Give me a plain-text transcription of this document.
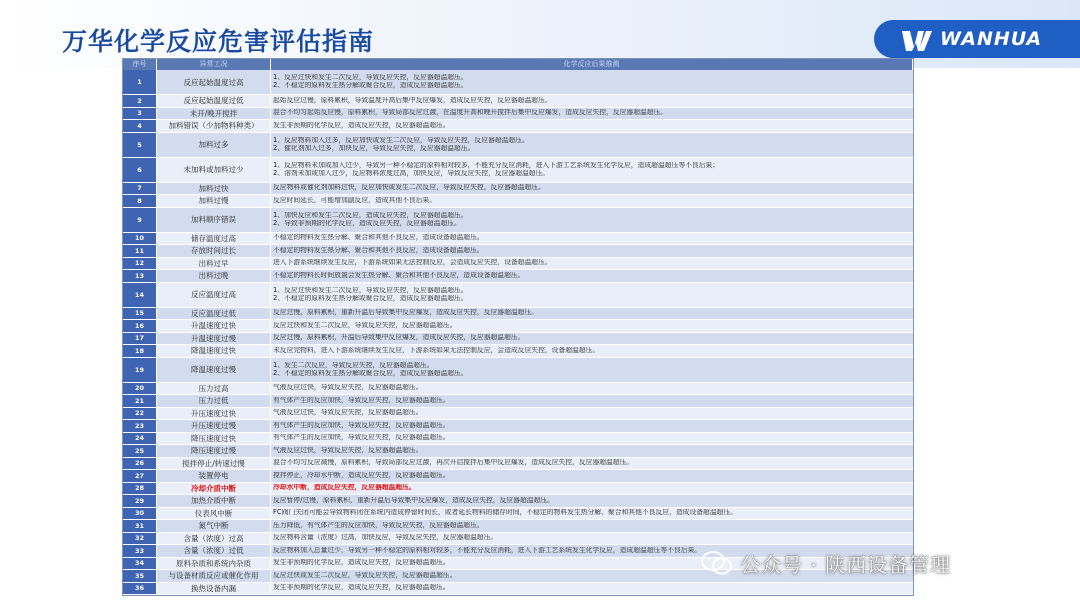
万华化学反应危害评估指南	WANHUA
序号	异常工况	化学反应后果推测
1	反应起始温度过高
1、反应过快和发生二次反应，导致反应失控，反应器超温超压。
2、不稳定的原料发生热分解或聚合反应，造成反应器超温超压。
2	反应起始温度过低	起始反应过慢，原料累积，导致温度升高后集中反应爆发，造成反应失控，反应器超温超压。
3	未开/晚开搅拌	混合不均匀起始反应慢，原料累积，导致局部反应过激，在温度升高和晚开搅拌后集中反应爆发，造成反应失控，反应器超温超压。
4	加料错误（少加物料种类）	发生非预期的化学反应，造成反应失控，反应器超温超压。
5	加料过多
1、反应物料加入过多，反应加快或发生二次反应，导致反应失控，反应器超温超压。
2、催化剂加入过多，加快反应，导致反应失控，反应器超温超压。
6	未加料或加料过少
1、反应物料未加或加入过少，导致另一种不稳定的原料相对较多，不能充分反应消耗，进入下游工艺系统发生化学反应，造成超温超压等不良后果；
2、溶剂未加或加入过少，反应物料浓度过高，加快反应，导致反应失控，反应器超温超压。
7	加料过快	反应物料或催化剂加料过快，反应加快或发生二次反应，导致反应失控，反应器超温超压。
8	加料过慢	反应时间延长，可能增加副反应，造成其他不良后果。
9	加料顺序错误
1、加快反应和发生二次反应，造成反应失控，反应器超温超压。
2、导致非预期的化学反应，造成反应失控，反应器超温超压。
10	储存温度过高	不稳定的物料发生热分解、聚合和其他不良反应，造成设备超温超压。
11	存放时间过长	不稳定的物料发生热分解、聚合和其他不良反应，造成设备超温超压。
12	出料过早	进入下游系统继续发生反应，下游系统如果无法控制反应，会造成反应失控，设备超温超压。
13	出料过晚	不稳定的物料长时间放置会发生热分解、聚合和其他不良反应，造成设备超温超压。
14	反应温度过高
1、反应过快和发生二次反应，导致反应失控，反应器超温超压。
2、不稳定的原料发生热分解或聚合反应，造成反应器超温超压。
15	反应温度过低	反应过慢，原料累积，重新升温后导致集中反应爆发，造成反应失控，反应器超温超压。
16	升温速度过快	反应过快和发生二次反应，导致反应失控，反应器超温超压。
17	升温速度过慢	反应过慢，原料累积，升温后导致集中反应爆发，造成反应失控，反应器超温超压。
18	降温速度过快	未反应完物料，进入下游系统继续发生反应，下游系统如果无法控制反应，会造成反应失控，设备超温超压。
19	降温速度过慢
1、发生二次反应，导致反应失控，反应器超温超压。
2、不稳定的原料发生热分解或聚合反应，造成反应器超温超压。
20	压力过高	气液反应过快，导致反应失控，反应器超温超压。
21	压力过低	有气体产生的反应加快，导致反应失控，反应器超温超压。
22	升压速度过快	气液反应过快，导致反应失控，反应器超温超压。
23	升压速度过慢	有气体产生的反应加快，导致反应失控，反应器超温超压。
24	降压速度过快	有气体产生的反应加快，导致反应失控，反应器超温超压。
25	降压速度过慢	气液反应过快，导致反应失控，反应器超温超压。
26	搅拌停止/转速过慢	混合不均匀反应减慢，原料累积，导致局部反应过激，再次开启搅拌后集中反应爆发，造成反应失控，反应器超温超压。
27	装置停电	搅拌停止，冷却水中断，造成反应失控，反应器超温超压。
28	冷却介质中断	冷却水中断，造成反应失控，反应器超温超压。
29	加热介质中断	反应暂停/过慢，原料累积，重新升温后导致集中反应爆发，造成反应失控，反应器超温超压。
30	仪表风中断	FC阀门关闭可能会导致物料闭在系统内造成停留时间长，或者延长物料的储存时间，不稳定的物料发生热分解、聚合和其他不良反应，造成设备超温超压。
31	氮气中断	压力降低，有气体产生的反应加快，导致反应失控，反应器超温超压。
32	含量（浓度）过高	反应物料含量（浓度）过高，加快反应，导致反应失控，反应器超温超压。
33	含量（浓度）过低	反应物料加入总量过少，导致另一种不稳定的原料相对较多，不能充分反应消耗，进入下游工艺系统发生化学反应，造成超温超压等不良后果。
34	原料杂质和系统内杂质	发生非预期的化学反应，造成反应失控，反应器超温超压。
35	与设备材质反应或催化作用	反应过快或发生二次反应，导致反应失控，反应器超温超压。
36	换热设备内漏	发生非预期的化学反应，造成反应失控，反应器超温超压。
公众号 · 陕西设备管理
